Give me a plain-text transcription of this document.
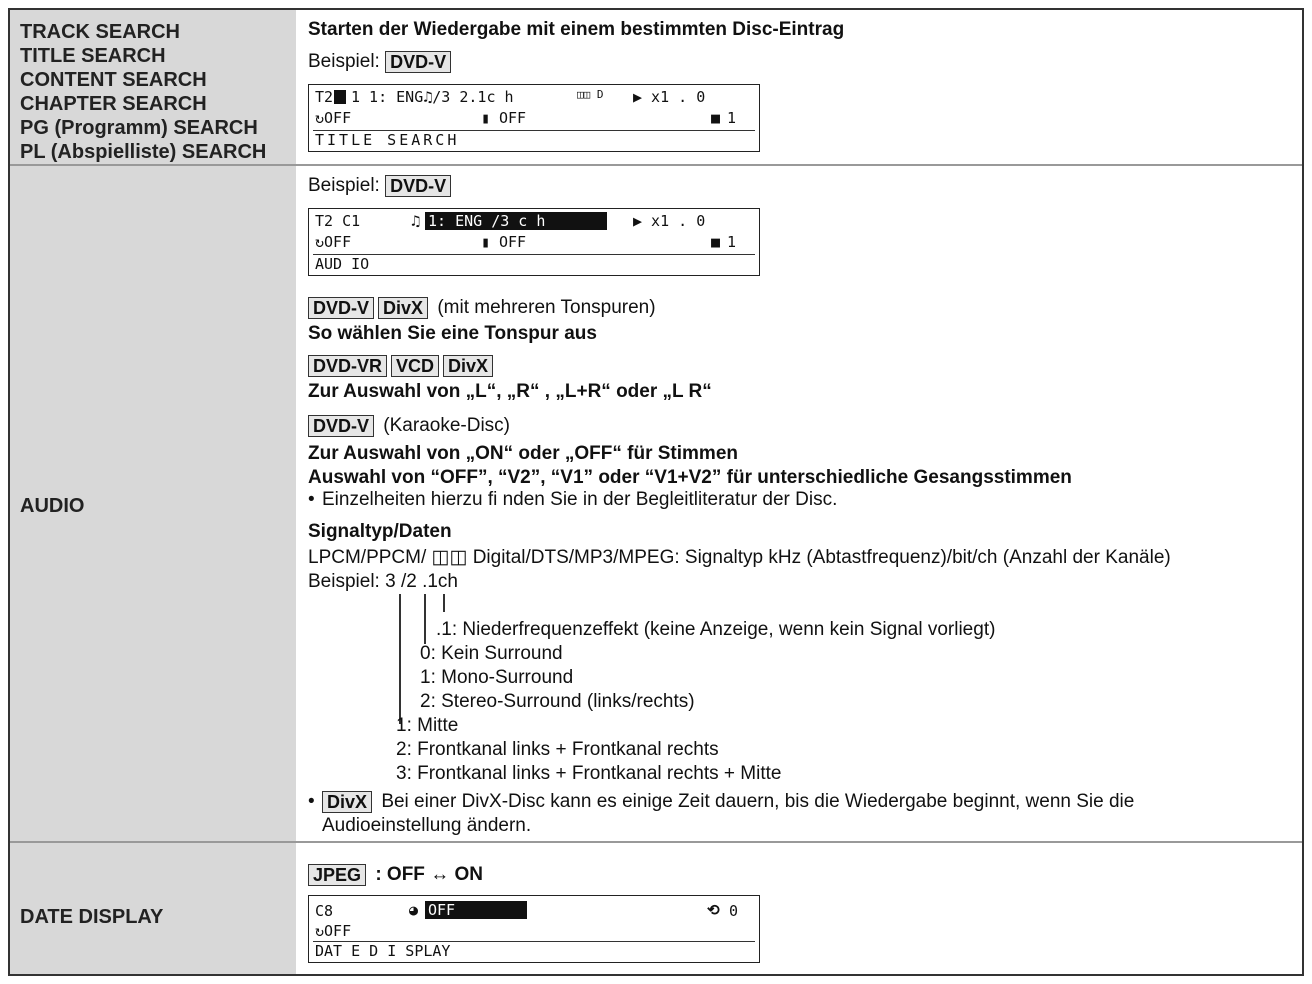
TRACK SEARCH
TITLE SEARCH
CONTENT SEARCH
CHAPTER SEARCH
PG (Programm) SEARCH
PL (Abspielliste) SEARCH
Starten der Wiedergabe mit einem bestimmten Disc-Eintrag
Beispiel: DVD-V
T2	1 1: ENG♫/3 2.1c h	◫◫ D ▶ x1 . 0
↻OFF	▮ OFF	■ 1
TITLE SEARCH
AUDIO
Beispiel: DVD-V
T2 C1	♫ 1: ENG /3 c h	▶ x1 . 0
↻OFF	▮ OFF	■ 1
AUD IO
DVD-V DivX (mit mehreren Tonspuren)
So wählen Sie eine Tonspur aus
DVD-VR VCD DivX
Zur Auswahl von „L“, „R“ , „L+R“ oder „L R“
DVD-V (Karaoke-Disc)
Zur Auswahl von „ON“ oder „OFF“ für Stimmen
Auswahl von “OFF”, “V2”, “V1” oder “V1+V2” für unterschiedliche Gesangsstimmen
• Einzelheiten hierzu fi nden Sie in der Begleitliteratur der Disc.
Signaltyp/Daten
LPCM/PPCM/ ◫◫ Digital/DTS/MP3/MPEG: Signaltyp kHz (Abtastfrequenz)/bit/ch (Anzahl der Kanäle)
Beispiel: 3 /2 .1ch
.1: Niederfrequenzeffekt (keine Anzeige, wenn kein Signal vorliegt)
0: Kein Surround
1: Mono-Surround
2: Stereo-Surround (links/rechts)
1: Mitte
2: Frontkanal links + Frontkanal rechts
3: Frontkanal links + Frontkanal rechts + Mitte
• DivX Bei einer DivX-Disc kann es einige Zeit dauern, bis die Wiedergabe beginnt, wenn Sie die
Audioeinstellung ändern.
DATE DISPLAY
JPEG : OFF ↔ ON
C8	◕ OFF	⟲ 0
↻OFF
DAT E D I SPLAY
